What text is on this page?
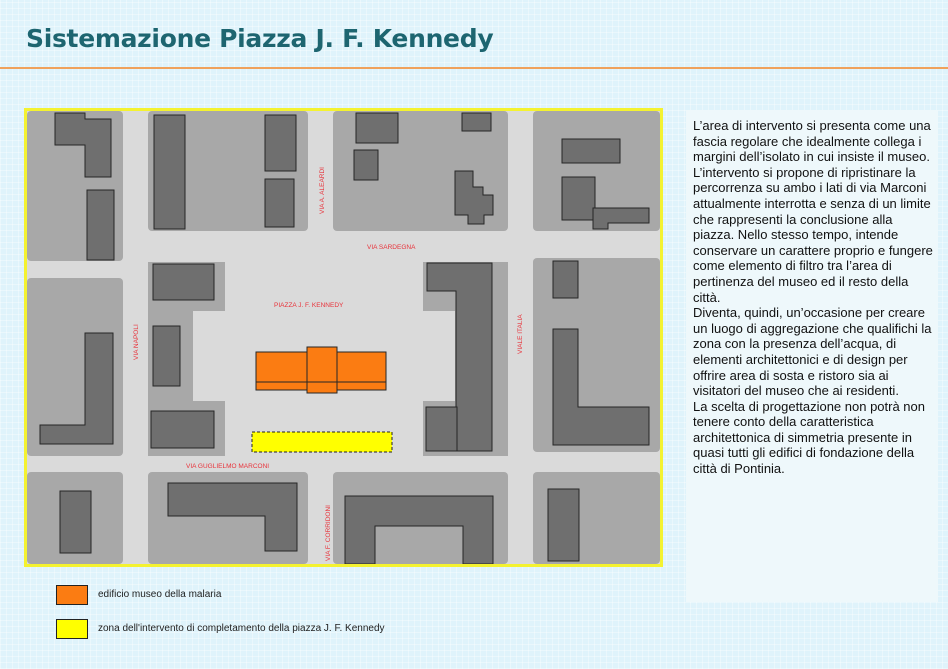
Sistemazione Piazza J. F. Kennedy
VIA A. ALEARDI
VIA SARDEGNA
PIAZZA J. F. KENNEDY
VIA NAPOLI	VIALE ITALIA
VIA GUGLIELMO MARCONI
VIA F. CORRIDONI
edificio museo della malaria
zona dell'intervento di completamento della piazza J. F. Kennedy

L’area di intervento si presenta come una fascia regolare che idealmente collega i margini dell’isolato in cui insiste il museo. L’intervento si propone di ripristinare la percorrenza su ambo i lati di via Marconi attualmente interrotta e senza di un limite che rappresenti la conclusione alla piazza. Nello stesso tempo, intende conservare un carattere proprio e fungere come elemento di filtro tra l’area di pertinenza del museo ed il resto della città.

Diventa, quindi, un’occasione per creare un luogo di aggregazione che qualifichi la zona con la presenza dell’acqua, di elementi architettonici e di design per offrire area di sosta e ristoro sia ai visitatori del museo che ai residenti.

La scelta di progettazione non potrà non tenere conto della caratteristica architettonica di simmetria presente in quasi tutti gli edifici di fondazione della città di Pontinia.
